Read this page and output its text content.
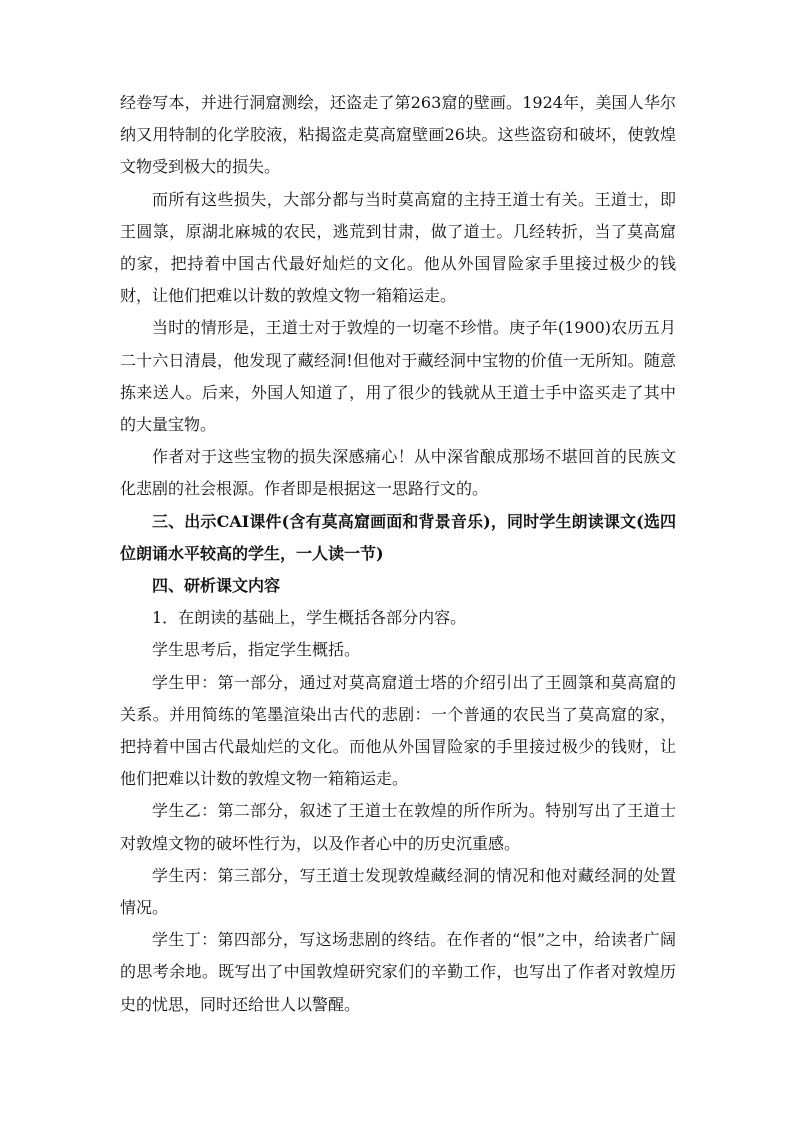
经卷写本，并进行洞窟测绘，还盗走了第263窟的壁画。1924年，美国人华尔纳又用特制的化学胶液，粘揭盗走莫高窟壁画26块。这些盗窃和破坏，使敦煌文物受到极大的损失。

而所有这些损失，大部分都与当时莫高窟的主持王道士有关。王道士，即王圆箓，原湖北麻城的农民，逃荒到甘肃，做了道士。几经转折，当了莫高窟的家，把持着中国古代最好灿烂的文化。他从外国冒险家手里接过极少的钱财，让他们把难以计数的敦煌文物一箱箱运走。

当时的情形是，王道士对于敦煌的一切毫不珍惜。庚子年(1900)农历五月二十六日清晨，他发现了藏经洞!但他对于藏经洞中宝物的价值一无所知。随意拣来送人。后来，外国人知道了，用了很少的钱就从王道士手中盗买走了其中的大量宝物。

作者对于这些宝物的损失深感痛心！从中深省酿成那场不堪回首的民族文化悲剧的社会根源。作者即是根据这一思路行文的。

三、出示CAI课件(含有莫高窟画面和背景音乐)，同时学生朗读课文(选四位朗诵水平较高的学生，一人读一节)

四、研析课文内容

1．在朗读的基础上，学生概括各部分内容。

学生思考后，指定学生概括。

学生甲：第一部分，通过对莫高窟道士塔的介绍引出了王圆箓和莫高窟的关系。并用简练的笔墨渲染出古代的悲剧：一个普通的农民当了莫高窟的家，把持着中国古代最灿烂的文化。而他从外国冒险家的手里接过极少的钱财，让他们把难以计数的敦煌文物一箱箱运走。

学生乙：第二部分，叙述了王道士在敦煌的所作所为。特别写出了王道士对敦煌文物的破坏性行为，以及作者心中的历史沉重感。

学生丙：第三部分，写王道士发现敦煌藏经洞的情况和他对藏经洞的处置情况。

学生丁：第四部分，写这场悲剧的终结。在作者的“恨”之中，给读者广阔的思考余地。既写出了中国敦煌研究家们的辛勤工作，也写出了作者对敦煌历史的忧思，同时还给世人以警醒。
